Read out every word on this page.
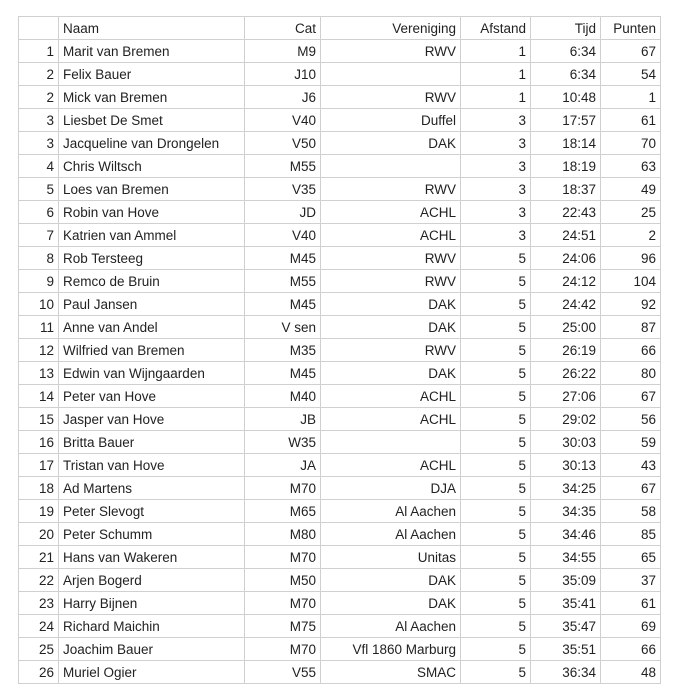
	Naam	Cat	Vereniging	Afstand	Tijd	Punten
1	Marit van Bremen	M9	RWV	1	6:34	67
2	Felix Bauer	J10		1	6:34	54
2	Mick van Bremen	J6	RWV	1	10:48	1
3	Liesbet De Smet	V40	Duffel	3	17:57	61
3	Jacqueline van Drongelen	V50	DAK	3	18:14	70
4	Chris Wiltsch	M55		3	18:19	63
5	Loes van Bremen	V35	RWV	3	18:37	49
6	Robin van Hove	JD	ACHL	3	22:43	25
7	Katrien van Ammel	V40	ACHL	3	24:51	2
8	Rob Tersteeg	M45	RWV	5	24:06	96
9	Remco de Bruin	M55	RWV	5	24:12	104
10	Paul Jansen	M45	DAK	5	24:42	92
11	Anne van Andel	V sen	DAK	5	25:00	87
12	Wilfried van Bremen	M35	RWV	5	26:19	66
13	Edwin van Wijngaarden	M45	DAK	5	26:22	80
14	Peter van Hove	M40	ACHL	5	27:06	67
15	Jasper van Hove	JB	ACHL	5	29:02	56
16	Britta Bauer	W35		5	30:03	59
17	Tristan van Hove	JA	ACHL	5	30:13	43
18	Ad Martens	M70	DJA	5	34:25	67
19	Peter Slevogt	M65	Al Aachen	5	34:35	58
20	Peter Schumm	M80	Al Aachen	5	34:46	85
21	Hans van Wakeren	M70	Unitas	5	34:55	65
22	Arjen Bogerd	M50	DAK	5	35:09	37
23	Harry Bijnen	M70	DAK	5	35:41	61
24	Richard Maichin	M75	Al Aachen	5	35:47	69
25	Joachim Bauer	M70	Vfl 1860 Marburg	5	35:51	66
26	Muriel Ogier	V55	SMAC	5	36:34	48
